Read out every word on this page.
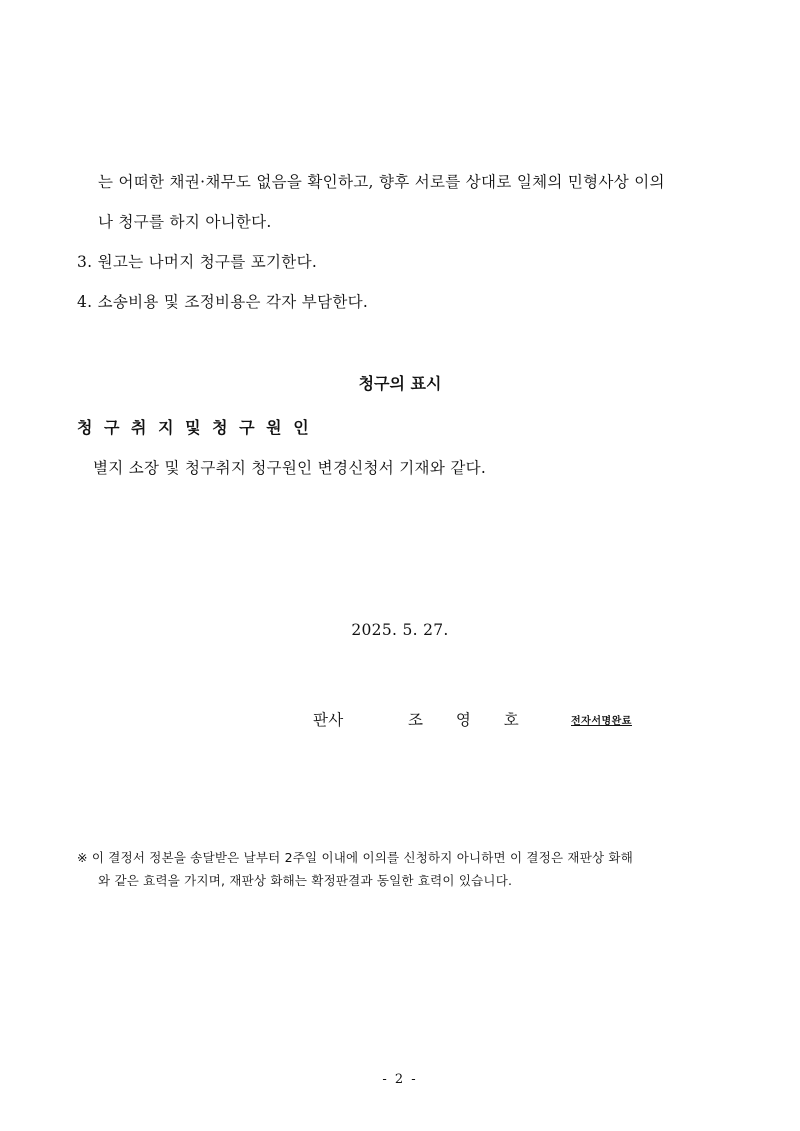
는 어떠한 채권·채무도 없음을 확인하고, 향후 서로를 상대로 일체의 민형사상 이의
나 청구를 하지 아니한다.
3. 원고는 나머지 청구를 포기한다.
4. 소송비용 및 조정비용은 각자 부담한다.
청구의 표시
청 구 취 지 및 청 구 원 인
별지 소장 및 청구취지 청구원인 변경신청서 기재와 같다.
2025. 5. 27.
판사	조 영 호	전자서명완료
※ 이 결정서 정본을 송달받은 날부터 2주일 이내에 이의를 신청하지 아니하면 이 결정은 재판상 화해
와 같은 효력을 가지며, 재판상 화해는 확정판결과 동일한 효력이 있습니다.
- 2 -
